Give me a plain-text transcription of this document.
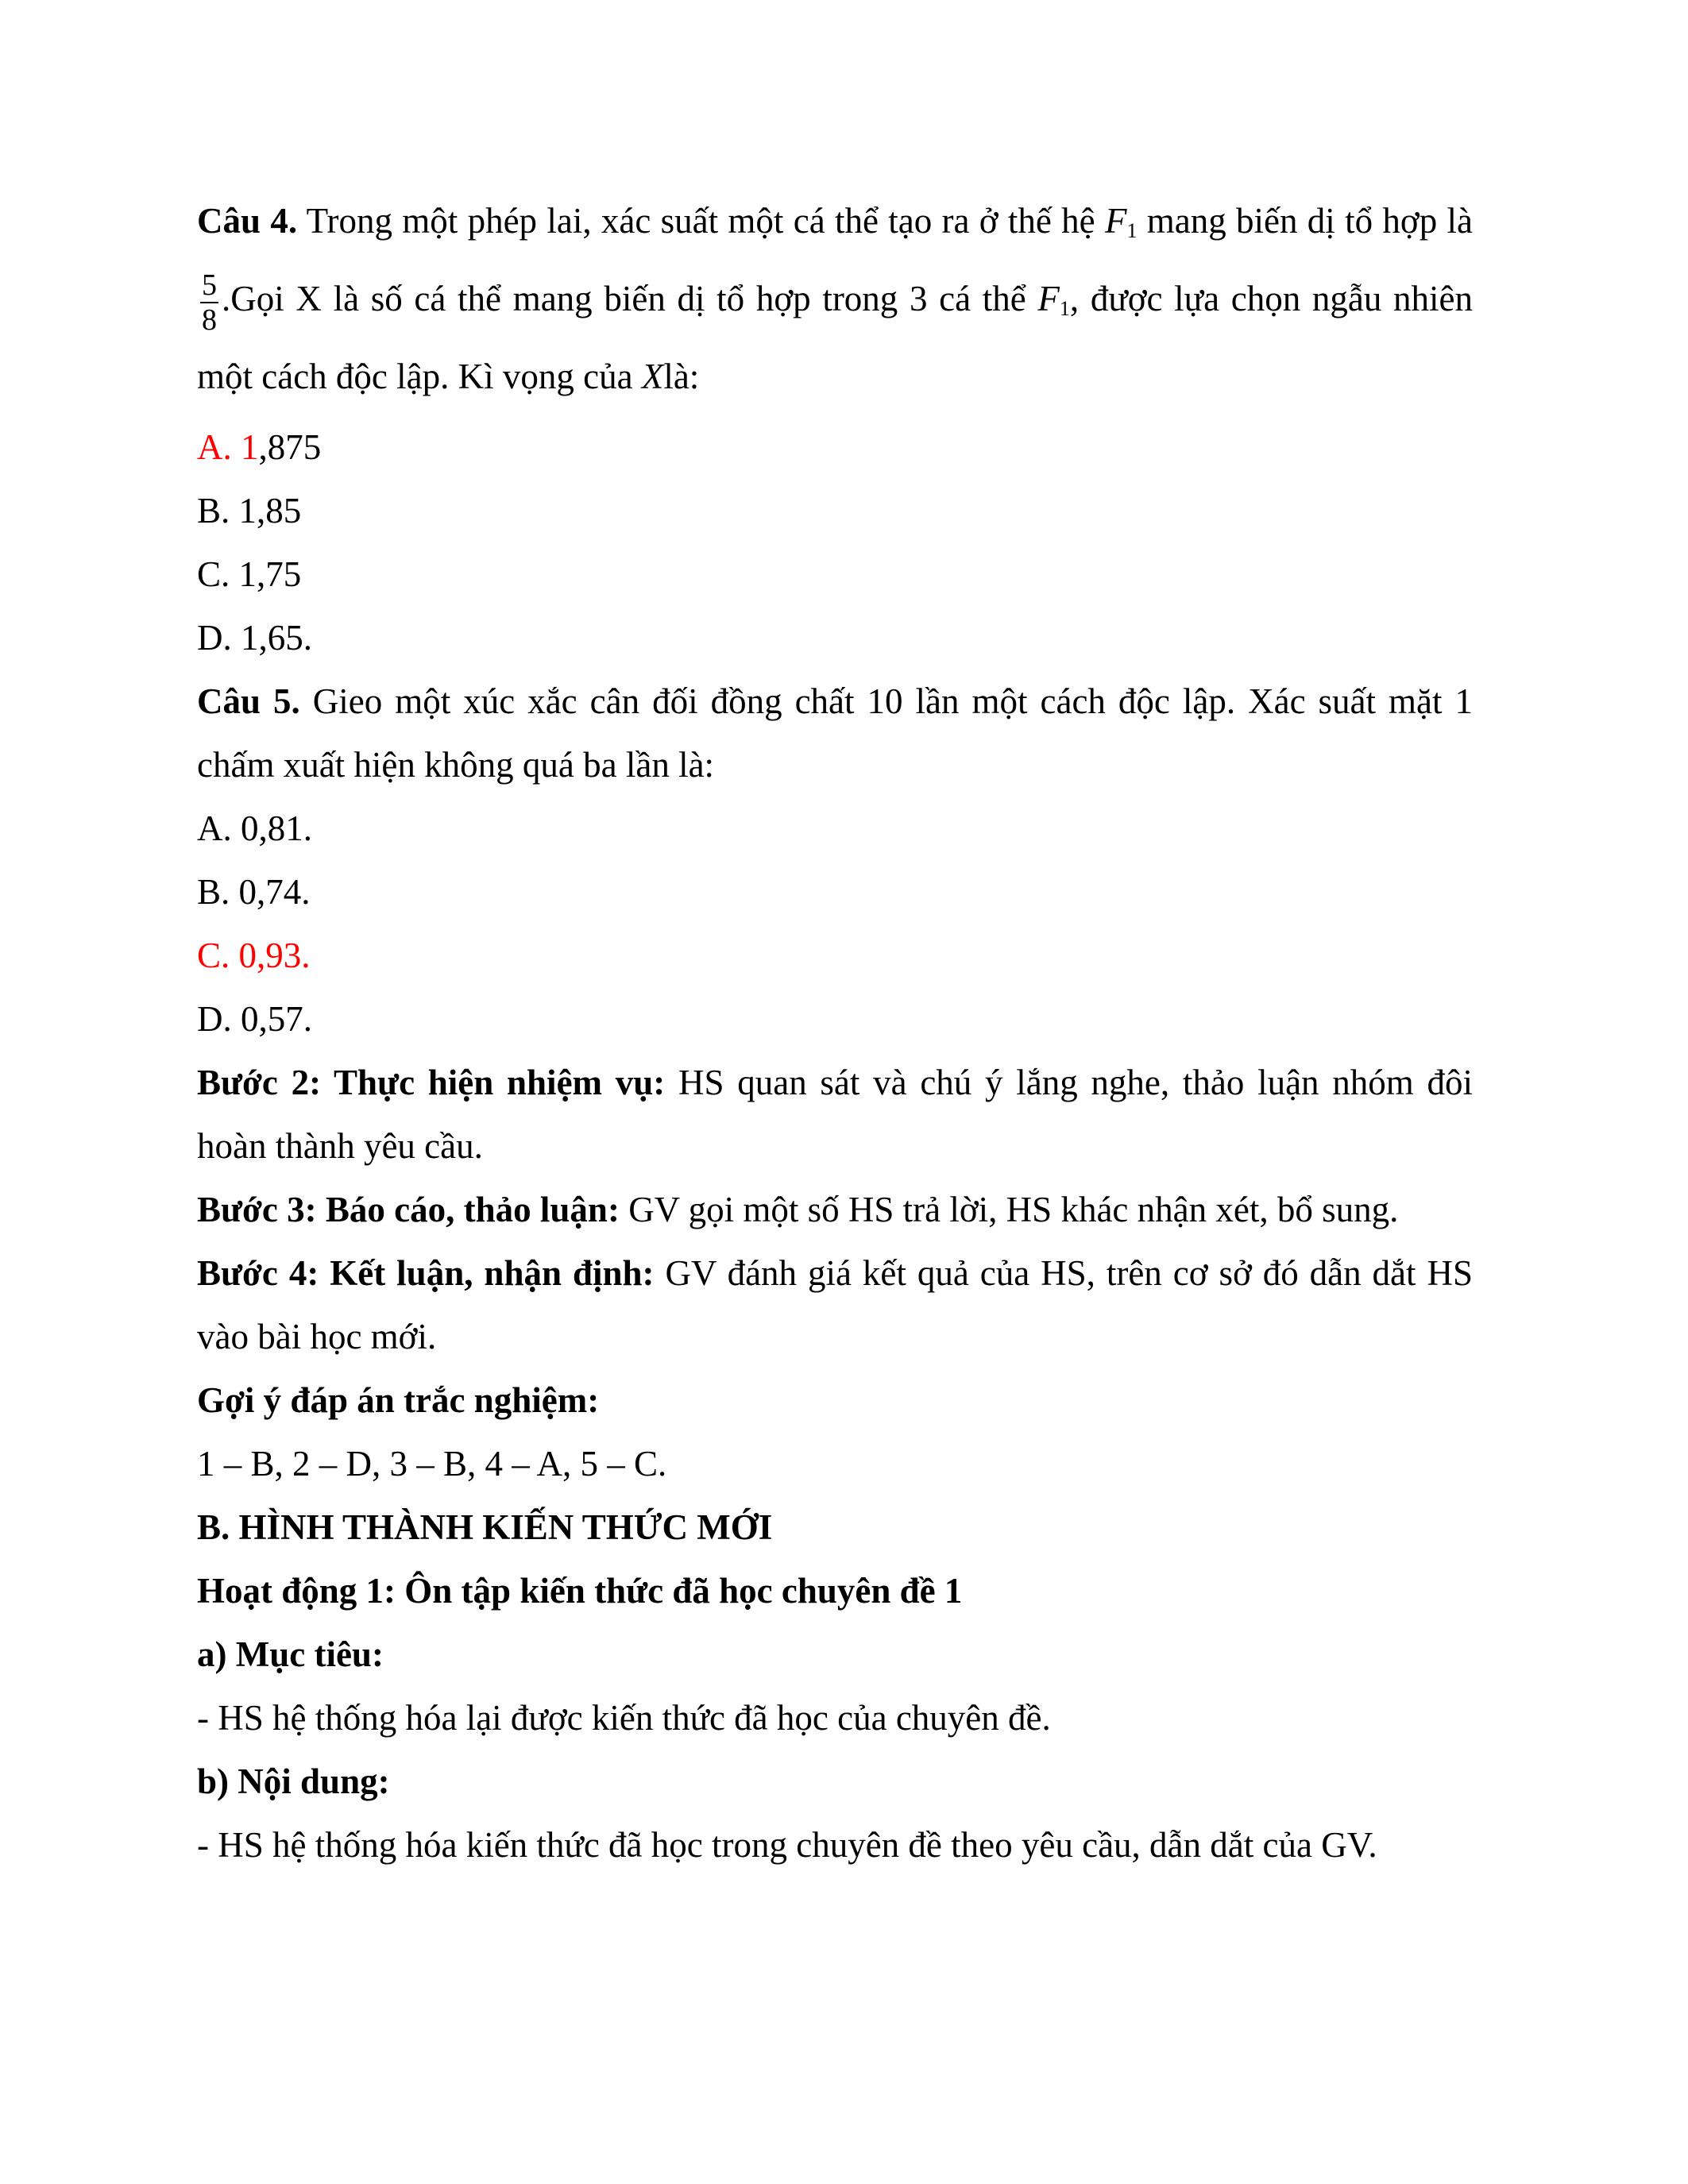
Câu 4. Trong một phép lai, xác suất một cá thể tạo ra ở thế hệ $F_1$ mang biến dị tổ hợp là
$\frac{5}{8}$ .Gọi X là số cá thể mang biến dị tổ hợp trong 3 cá thể $F_1$, được lựa chọn ngẫu nhiên một cách độc lập. Kì vọng của Xlà:

A. 1,875

B. 1,85

C. 1,75

D. 1,65.

Câu 5. Gieo một xúc xắc cân đối đồng chất 10 lần một cách độc lập. Xác suất mặt 1 chấm xuất hiện không quá ba lần là:

A. 0,81.

B. 0,74.

C. 0,93.

D. 0,57.

Bước 2: Thực hiện nhiệm vụ: HS quan sát và chú ý lắng nghe, thảo luận nhóm đôi hoàn thành yêu cầu.

Bước 3: Báo cáo, thảo luận: GV gọi một số HS trả lời, HS khác nhận xét, bổ sung.

Bước 4: Kết luận, nhận định: GV đánh giá kết quả của HS, trên cơ sở đó dẫn dắt HS vào bài học mới.

Gợi ý đáp án trắc nghiệm:

1 – B, 2 – D, 3 – B, 4 – A, 5 – C.

B. HÌNH THÀNH KIẾN THỨC MỚI

Hoạt động 1: Ôn tập kiến thức đã học chuyên đề 1

a) Mục tiêu:

- HS hệ thống hóa lại được kiến thức đã học của chuyên đề.

b) Nội dung:

- HS hệ thống hóa kiến thức đã học trong chuyên đề theo yêu cầu, dẫn dắt của GV.
